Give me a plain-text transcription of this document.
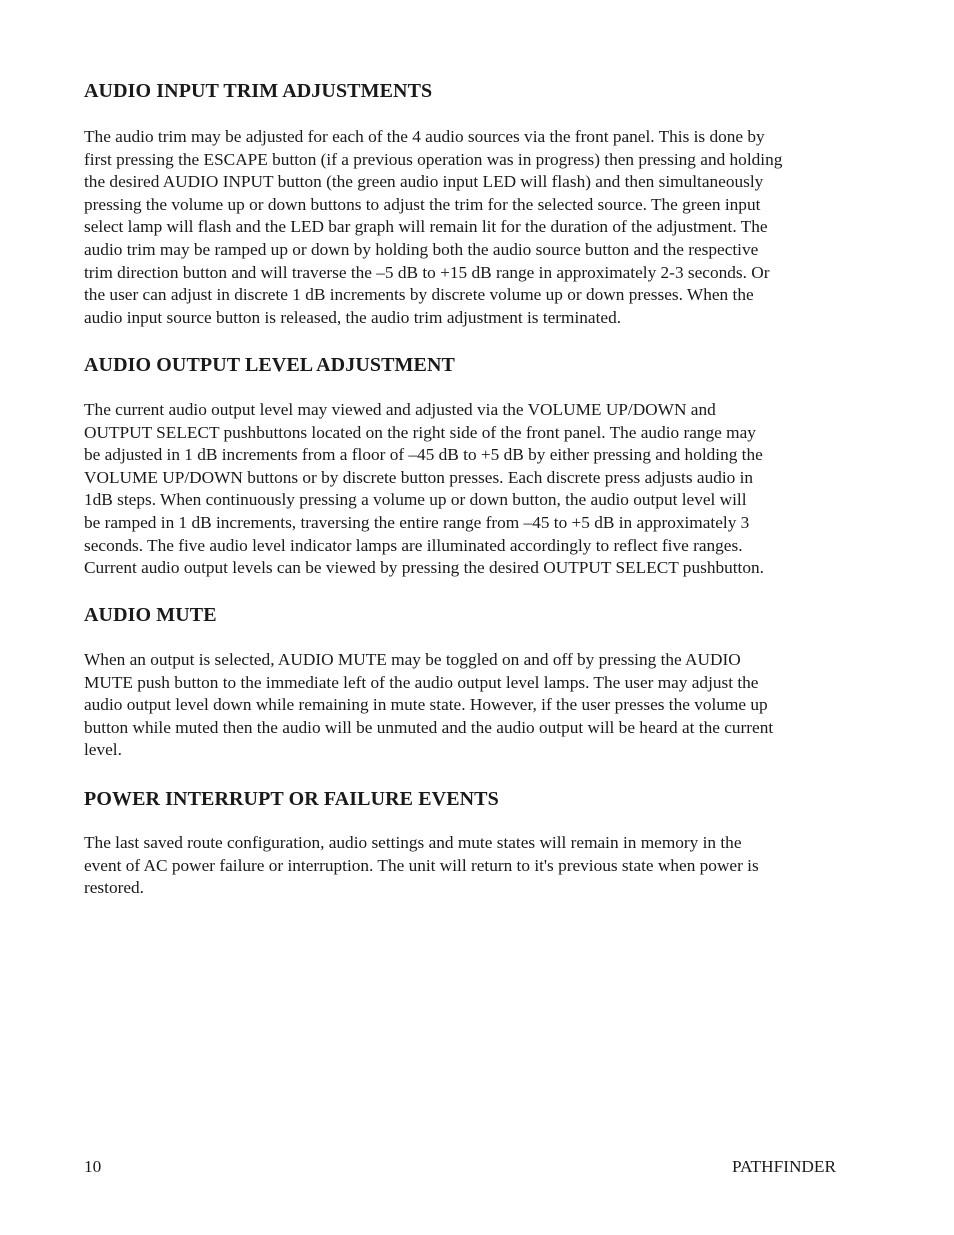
AUDIO INPUT TRIM ADJUSTMENTS

The audio trim may be adjusted for each of the 4 audio sources via the front panel. This is done by
first pressing the ESCAPE button (if a previous operation was in progress) then pressing and holding
the desired AUDIO INPUT button (the green audio input LED will flash) and then simultaneously
pressing the volume up or down buttons to adjust the trim for the selected source. The green input
select lamp will flash and the LED bar graph will remain lit for the duration of the adjustment. The
audio trim may be ramped up or down by holding both the audio source button and the respective
trim direction button and will traverse the –5 dB to +15 dB range in approximately 2-3 seconds. Or
the user can adjust in discrete 1 dB increments by discrete volume up or down presses. When the
audio input source button is released, the audio trim adjustment is terminated.

AUDIO OUTPUT LEVEL ADJUSTMENT

The current audio output level may viewed and adjusted via the VOLUME UP/DOWN and
OUTPUT SELECT pushbuttons located on the right side of the front panel. The audio range may
be adjusted in 1 dB increments from a floor of –45 dB to +5 dB by either pressing and holding the
VOLUME UP/DOWN buttons or by discrete button presses. Each discrete press adjusts audio in
1dB steps. When continuously pressing a volume up or down button, the audio output level will
be ramped in 1 dB increments, traversing the entire range from –45 to +5 dB in approximately 3
seconds. The five audio level indicator lamps are illuminated accordingly to reflect five ranges.
Current audio output levels can be viewed by pressing the desired OUTPUT SELECT pushbutton.

AUDIO MUTE

When an output is selected, AUDIO MUTE may be toggled on and off by pressing the AUDIO
MUTE push button to the immediate left of the audio output level lamps. The user may adjust the
audio output level down while remaining in mute state. However, if the user presses the volume up
button while muted then the audio will be unmuted and the audio output will be heard at the current
level.

POWER INTERRUPT OR FAILURE EVENTS

The last saved route configuration, audio settings and mute states will remain in memory in the
event of AC power failure or interruption. The unit will return to it's previous state when power is
restored.

10	PATHFINDER
